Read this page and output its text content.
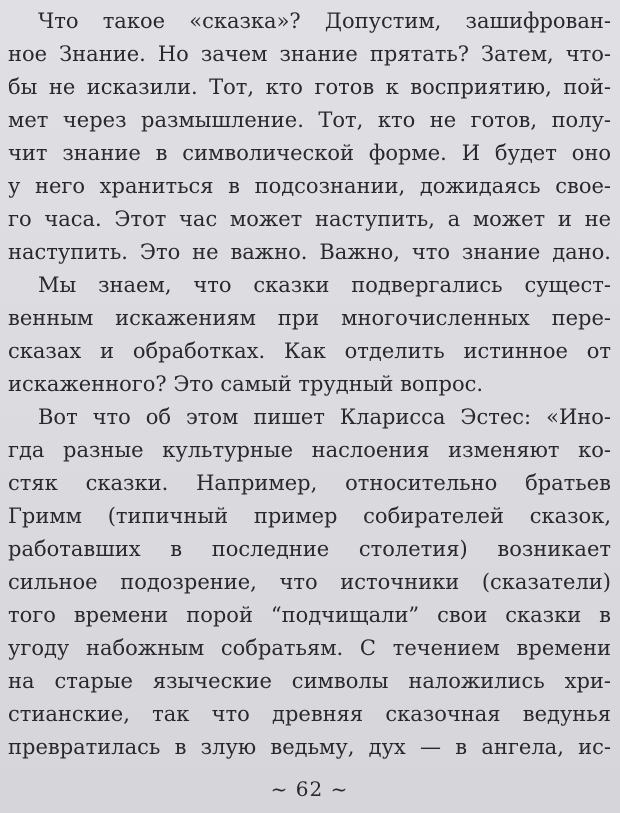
Что такое «сказка»? Допустим, зашифрован-
ное Знание. Но зачем знание прятать? Затем, что-
бы не исказили. Тот, кто готов к восприятию, пой-
мет через размышление. Тот, кто не готов, полу-
чит знание в символической форме. И будет оно
у него храниться в подсознании, дожидаясь свое-
го часа. Этот час может наступить, а может и не
наступить. Это не важно. Важно, что знание дано.
Мы знаем, что сказки подвергались сущест-
венным искажениям при многочисленных пере-
сказах и обработках. Как отделить истинное от
искаженного? Это самый трудный вопрос.
Вот что об этом пишет Кларисса Эстес: «Ино-
гда разные культурные наслоения изменяют ко-
стяк сказки. Например, относительно братьев
Гримм (типичный пример собирателей сказок,
работавших в последние столетия) возникает
сильное подозрение, что источники (сказатели)
того времени порой “подчищали” свои сказки в
угоду набожным собратьям. С течением времени
на старые языческие символы наложились хри-
стианские, так что древняя сказочная ведунья
превратилась в злую ведьму, дух — в ангела, ис-
~ 62 ~
